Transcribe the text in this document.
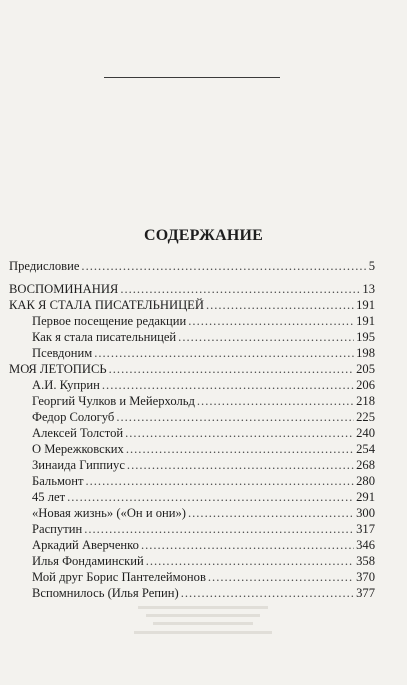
СОДЕРЖАНИЕ
Предисловие .....	5
ВОСПОМИНАНИЯ .....	13
КАК Я СТАЛА ПИСАТЕЛЬНИЦЕЙ .....	191
Первое посещение редакции .....	191
Как я стала писательницей .....	195
Псевдоним .....	198
МОЯ ЛЕТОПИСЬ .....	205
А.И. Куприн .....	206
Георгий Чулков и Мейерхольд .....	218
Федор Сологуб .....	225
Алексей Толстой .....	240
О Мережковских .....	254
Зинаида Гиппиус .....	268
Бальмонт .....	280
45 лет .....	291
«Новая жизнь» («Он и они») .....	300
Распутин .....	317
Аркадий Аверченко .....	346
Илья Фондаминский .....	358
Мой друг Борис Пантелеймонов .....	370
Вспомнилось (Илья Репин) .....	377
